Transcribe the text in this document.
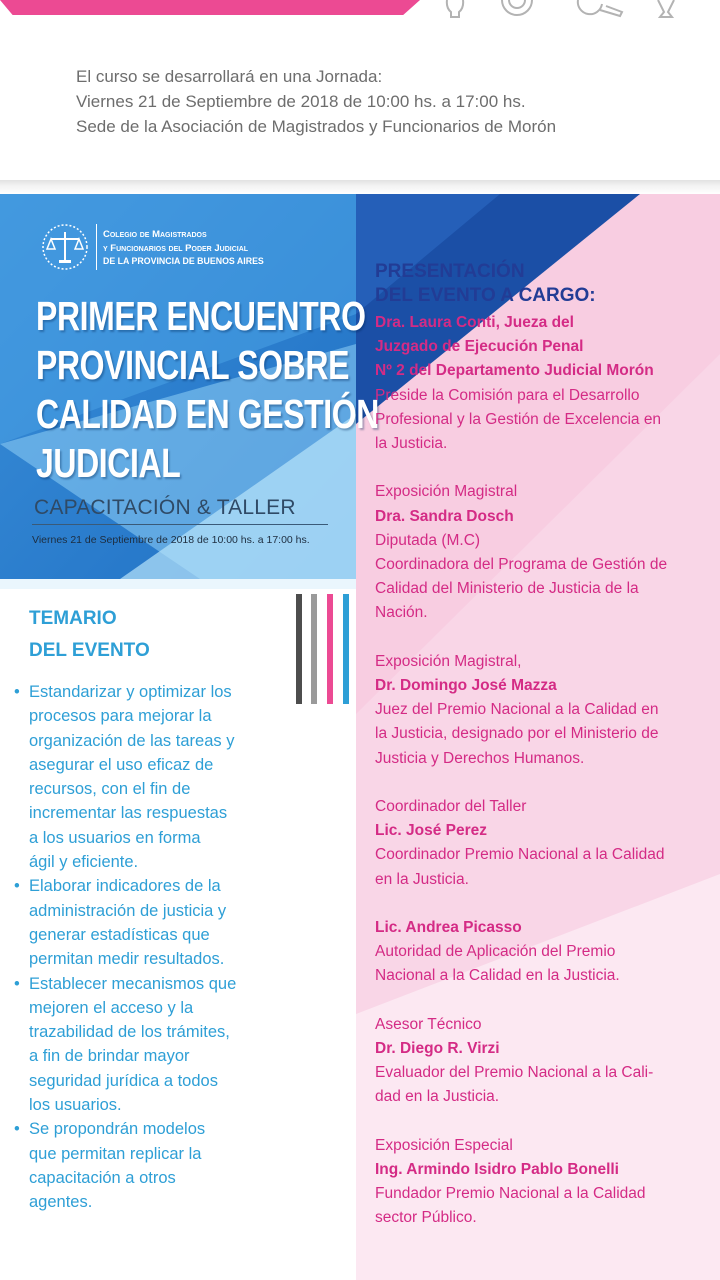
El curso se desarrollará en una Jornada:
Viernes 21 de Septiembre de 2018 de 10:00 hs. a 17:00 hs.
Sede de la Asociación de Magistrados y Funcionarios de Morón
Colegio de Magistrados
y Funcionarios del Poder Judicial
DE LA PROVINCIA DE BUENOS AIRES
PRIMER ENCUENTRO
PROVINCIAL SOBRE
CALIDAD EN GESTIÓN
JUDICIAL
CAPACITACIÓN & TALLER
Viernes 21 de Septiembre de 2018 de 10:00 hs. a 17:00 hs.
TEMARIO
DEL EVENTO
• Estandarizar y optimizar los
procesos para mejorar la
organización de las tareas y
asegurar el uso eficaz de
recursos, con el fin de
incrementar las respuestas
a los usuarios en forma
ágil y eficiente.
• Elaborar indicadores de la
administración de justicia y
generar estadísticas que
permitan medir resultados.
• Establecer mecanismos que
mejoren el acceso y la
trazabilidad de los trámites,
a fin de brindar mayor
seguridad jurídica a todos
los usuarios.
• Se propondrán modelos
que permitan replicar la
capacitación a otros
agentes.
PRESENTACIÓN
DEL EVENTO A CARGO:
Dra. Laura Conti, Jueza del
Juzgado de Ejecución Penal
Nº 2 del Departamento Judicial Morón
Preside la Comisión para el Desarrollo
Profesional y la Gestión de Excelencia en
la Justicia.
Exposición Magistral
Dra. Sandra Dosch
Diputada (M.C)
Coordinadora del Programa de Gestión de
Calidad del Ministerio de Justicia de la
Nación.
Exposición Magistral,
Dr. Domingo José Mazza
Juez del Premio Nacional a la Calidad en
la Justicia, designado por el Ministerio de
Justicia y Derechos Humanos.
Coordinador del Taller
Lic. José Perez
Coordinador Premio Nacional a la Calidad
en la Justicia.
Lic. Andrea Picasso
Autoridad de Aplicación del Premio
Nacional a la Calidad en la Justicia.
Asesor Técnico
Dr. Diego R. Virzi
Evaluador del Premio Nacional a la Cali-
dad en la Justicia.
Exposición Especial
Ing. Armindo Isidro Pablo Bonelli
Fundador Premio Nacional a la Calidad
sector Público.
